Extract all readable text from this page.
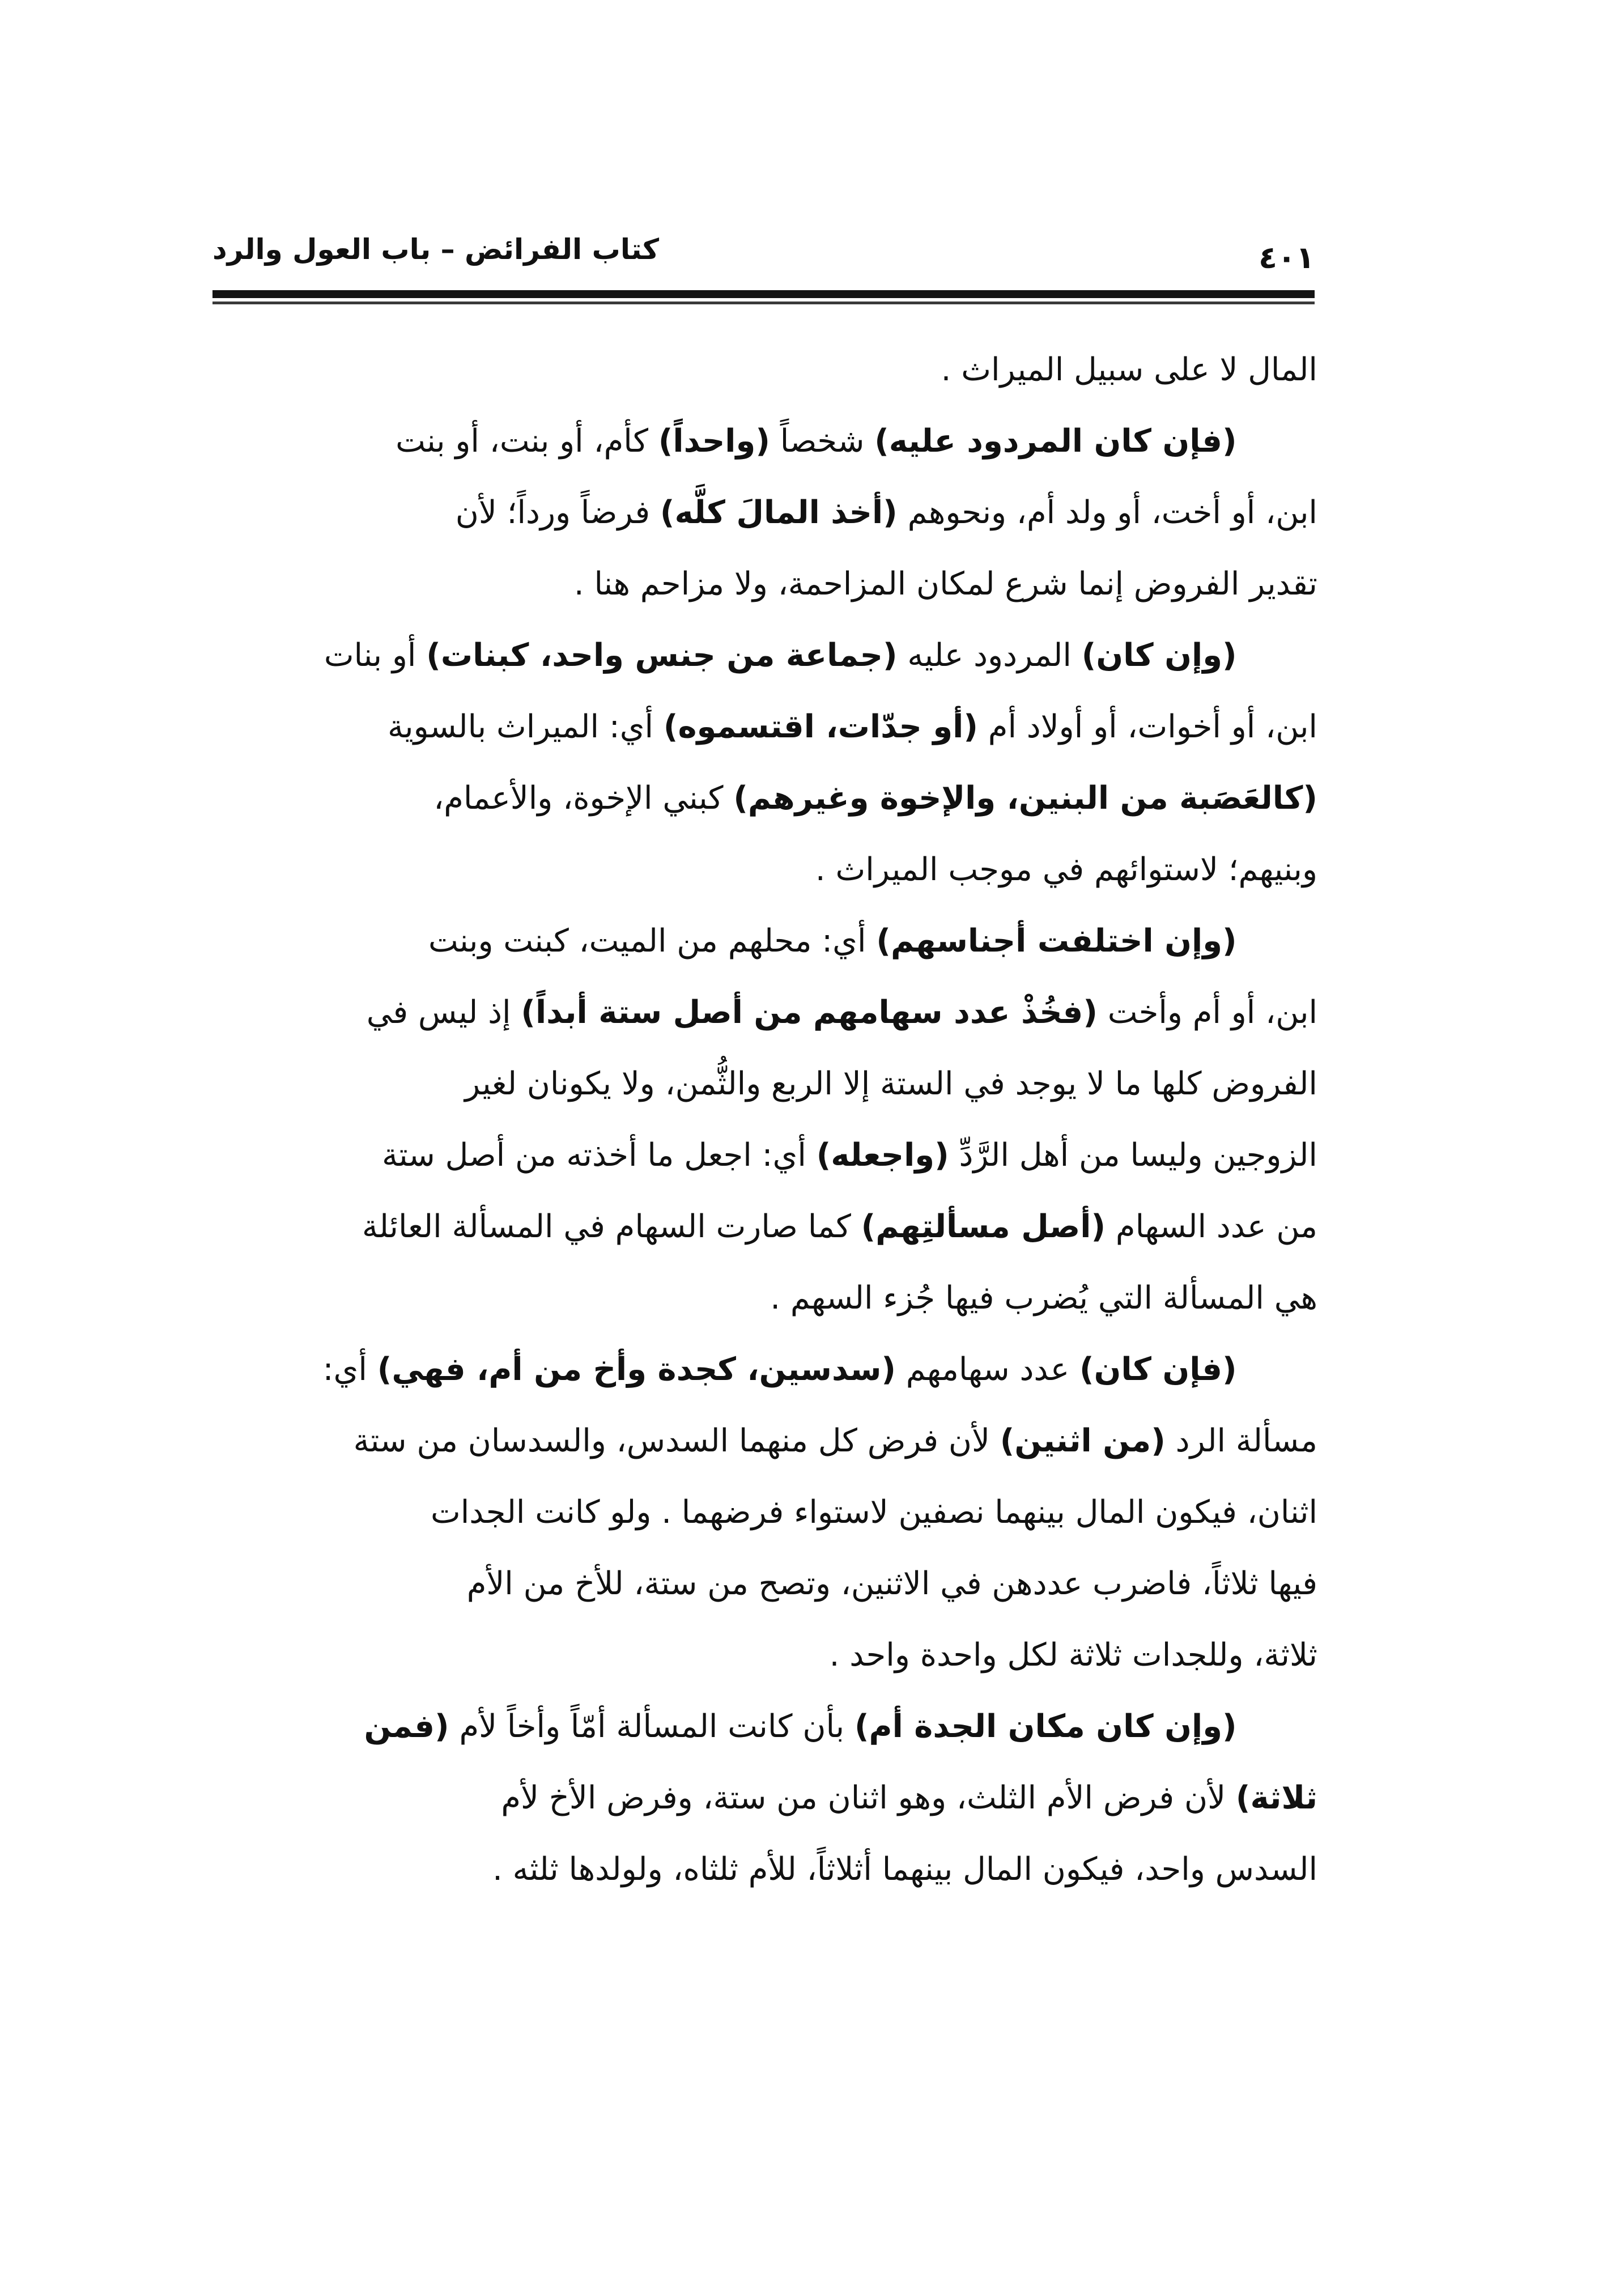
كتاب الفرائض – باب العول والرد	٤٠١
المال لا على سبيل الميراث .
(فإن كان المردود عليه) شخصاً (واحداً) كأم، أو بنت، أو بنت
ابن، أو أخت، أو ولد أم، ونحوهم (أخذ المالَ كلَّه) فرضاً ورداً؛ لأن
تقدير الفروض إنما شرع لمكان المزاحمة، ولا مزاحم هنا .
(وإن كان) المردود عليه (جماعة من جنس واحد، كبنات) أو بنات
ابن، أو أخوات، أو أولاد أم (أو جدّات، اقتسموه) أي: الميراث بالسوية
(كالعَصَبة من البنين، والإخوة وغيرهم) كبني الإخوة، والأعمام،
وبنيهم؛ لاستوائهم في موجب الميراث .
(وإن اختلفت أجناسهم) أي: محلهم من الميت، كبنت وبنت
ابن، أو أم وأخت (فخُذْ عدد سهامهم من أصل ستة أبداً) إذ ليس في
الفروض كلها ما لا يوجد في الستة إلا الربع والثُّمن، ولا يكونان لغير
الزوجين وليسا من أهل الرَّدِّ (واجعله) أي: اجعل ما أخذته من أصل ستة
من عدد السهام (أصل مسألتِهم) كما صارت السهام في المسألة العائلة
هي المسألة التي يُضرب فيها جُزء السهم .
(فإن كان) عدد سهامهم (سدسين، كجدة وأخ من أم، فهي) أي:
مسألة الرد (من اثنين) لأن فرض كل منهما السدس، والسدسان من ستة
اثنان، فيكون المال بينهما نصفين لاستواء فرضهما . ولو كانت الجدات
فيها ثلاثاً، فاضرب عددهن في الاثنين، وتصح من ستة، للأخ من الأم
ثلاثة، وللجدات ثلاثة لكل واحدة واحد .
(وإن كان مكان الجدة أم) بأن كانت المسألة أمّاً وأخاً لأم (فمن
ثلاثة) لأن فرض الأم الثلث، وهو اثنان من ستة، وفرض الأخ لأم
السدس واحد، فيكون المال بينهما أثلاثاً، للأم ثلثاه، ولولدها ثلثه .
